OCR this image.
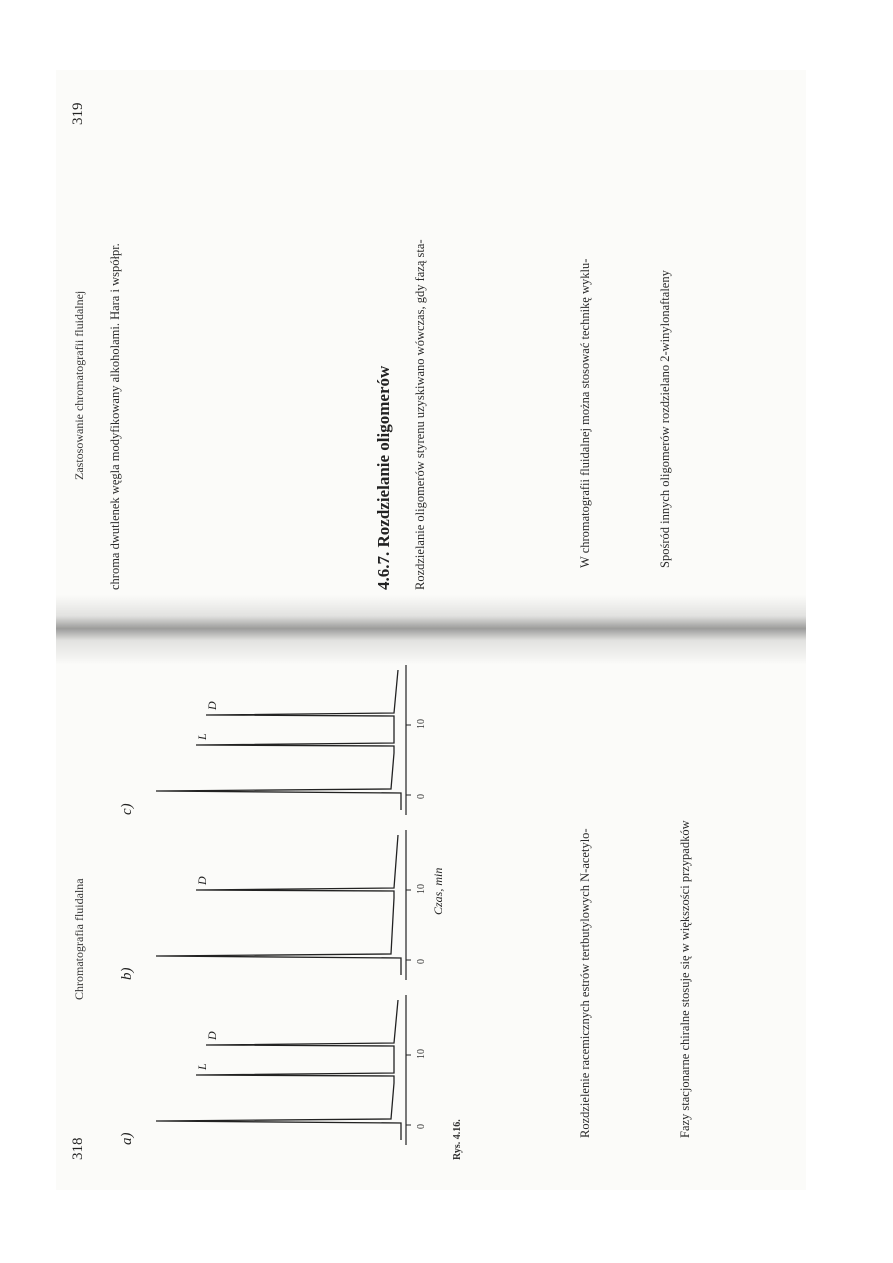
318
Chromatografia fluidalna
a)
L
D
0
10
b)
D
0
10
c)
L
D
0
10
Czas, min
Rys. 4.16.
Rozdzielenie racemicznych estrów tertbutylowych N-acetylo-	Fazy stacjonarne chiralne stosuje się w większości przypadków
Zastosowanie chromatografii fluidalnej
319
chroma dwutlenek węgla modyfikowany alkoholami. Hara i współpr.	4.6.7. Rozdzielanie oligomerów Rozdzielanie oligomerów styrenu uzyskiwano wówczas, gdy fazą sta-	W chromatografii fluidalnej można stosować technikę wyklu-	Spośród innych oligomerów rozdzielano 2-winylonaftaleny
